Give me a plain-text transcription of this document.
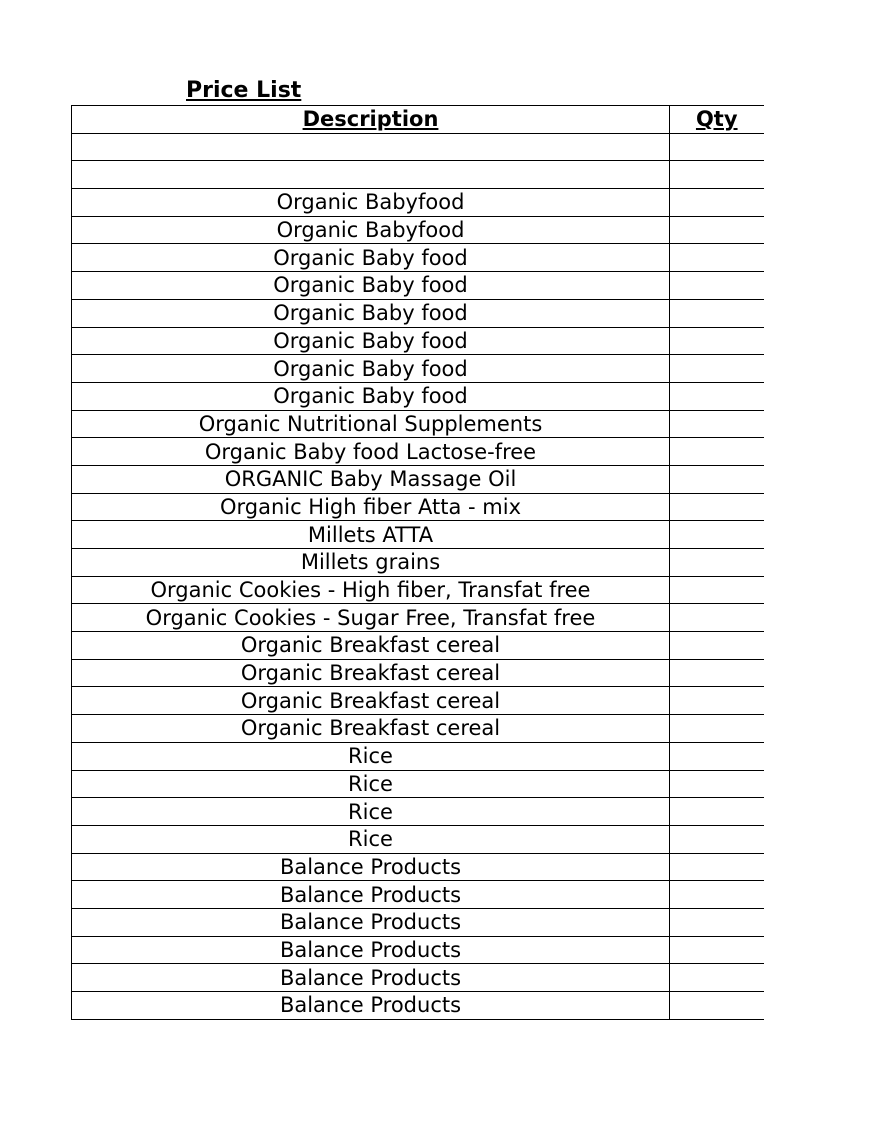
Price List
Description	Qty

Organic Babyfood	
Organic Babyfood	
Organic Baby food	
Organic Baby food	
Organic Baby food	
Organic Baby food	
Organic Baby food	
Organic Baby food	
Organic Nutritional Supplements	
Organic Baby food Lactose-free	
ORGANIC Baby Massage Oil	
Organic High fiber Atta - mix	
Millets ATTA	
Millets grains	
Organic Cookies - High fiber, Transfat free	
Organic Cookies - Sugar Free, Transfat free	
Organic Breakfast cereal	
Organic Breakfast cereal	
Organic Breakfast cereal	
Organic Breakfast cereal	
Rice	
Rice	
Rice	
Rice	
Balance Products	
Balance Products	
Balance Products	
Balance Products	
Balance Products	
Balance Products	
